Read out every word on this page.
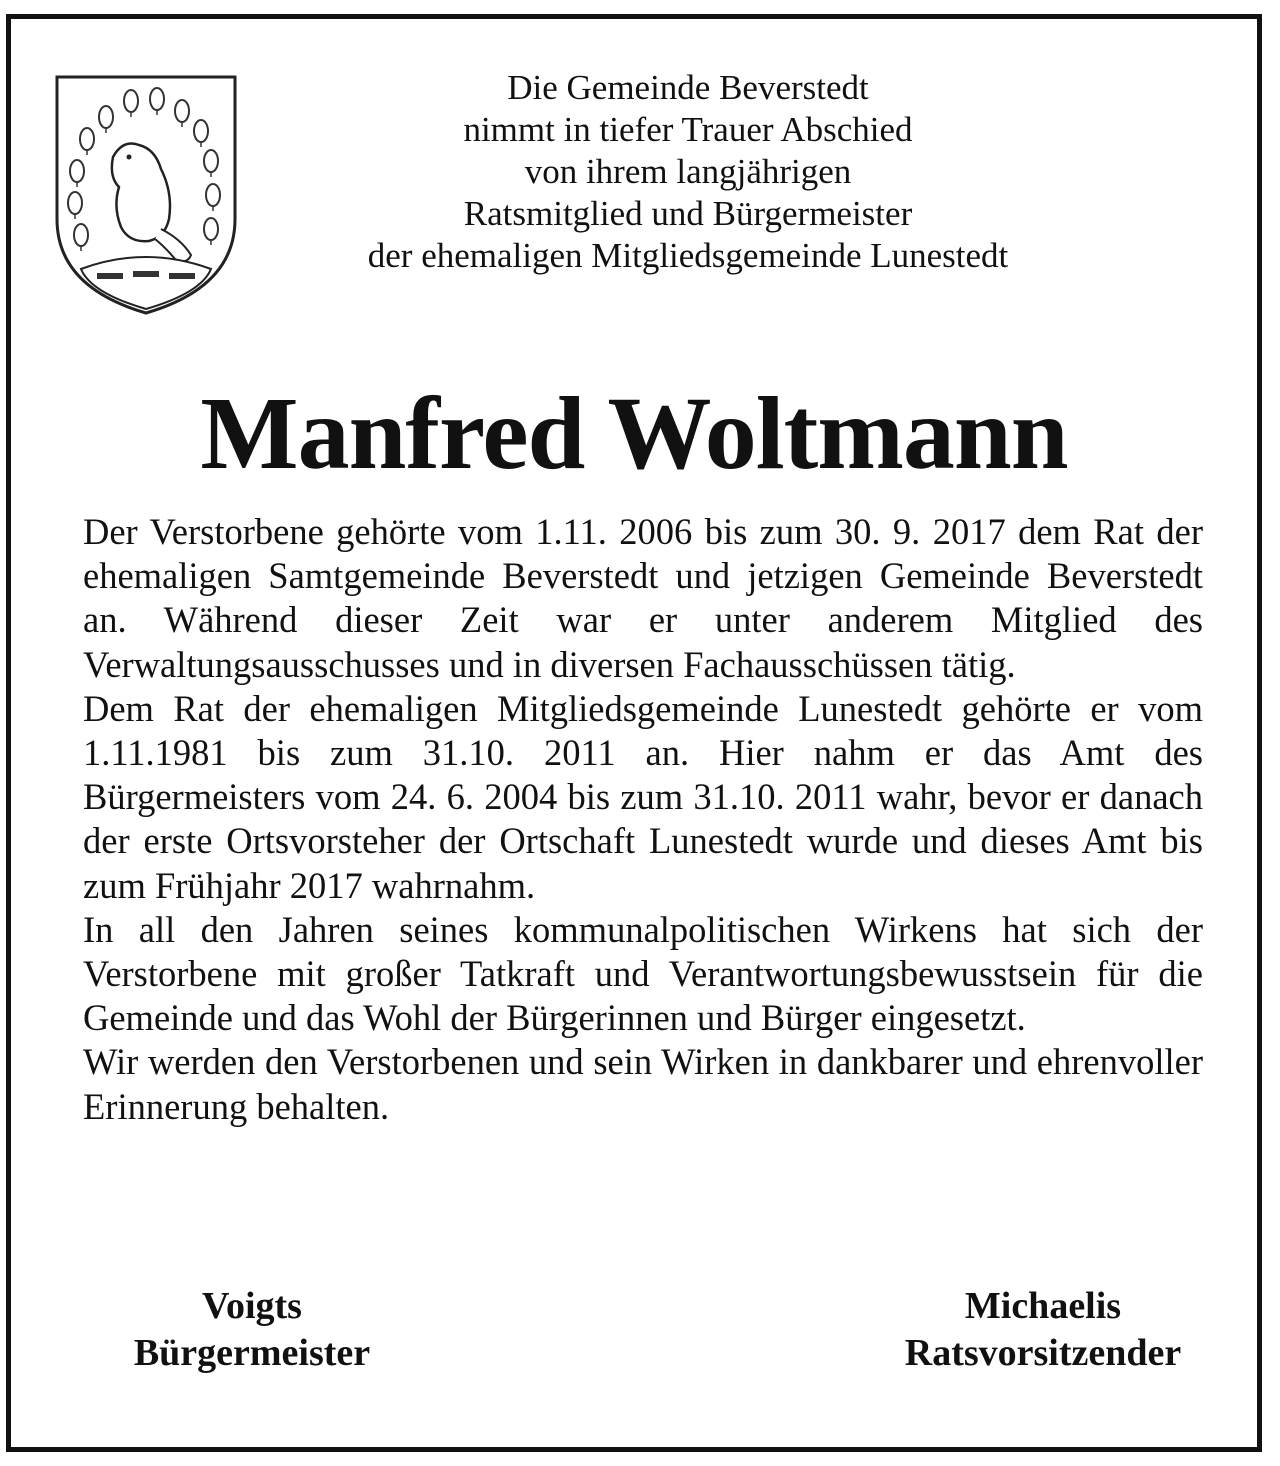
Die Gemeinde Beverstedt
nimmt in tiefer Trauer Abschied
von ihrem langjährigen
Ratsmitglied und Bürgermeister
der ehemaligen Mitgliedsgemeinde Lunestedt
Manfred Woltmann

Der Verstorbene gehörte vom 1.11. 2006 bis zum 30. 9. 2017 dem Rat der ehemaligen Samtgemeinde Beverstedt und jetzigen Gemeinde Beverstedt an. Während dieser Zeit war er unter anderem Mitglied des Verwaltungsausschusses und in diversen Fachausschüssen tätig.

Dem Rat der ehemaligen Mitgliedsgemeinde Lunestedt gehörte er vom 1.11.1981 bis zum 31.10. 2011 an. Hier nahm er das Amt des Bürgermeisters vom 24. 6. 2004 bis zum 31.10. 2011 wahr, bevor er danach der erste Ortsvorsteher der Ortschaft Lunestedt wurde und dieses Amt bis zum Frühjahr 2017 wahrnahm.

In all den Jahren seines kommunalpolitischen Wirkens hat sich der Verstorbene mit großer Tatkraft und Verantwortungsbewusstsein für die Gemeinde und das Wohl der Bürgerinnen und Bürger eingesetzt.

Wir werden den Verstorbenen und sein Wirken in dankbarer und ehrenvoller Erinnerung behalten.

Voigts
Bürgermeister
Michaelis
Ratsvorsitzender
